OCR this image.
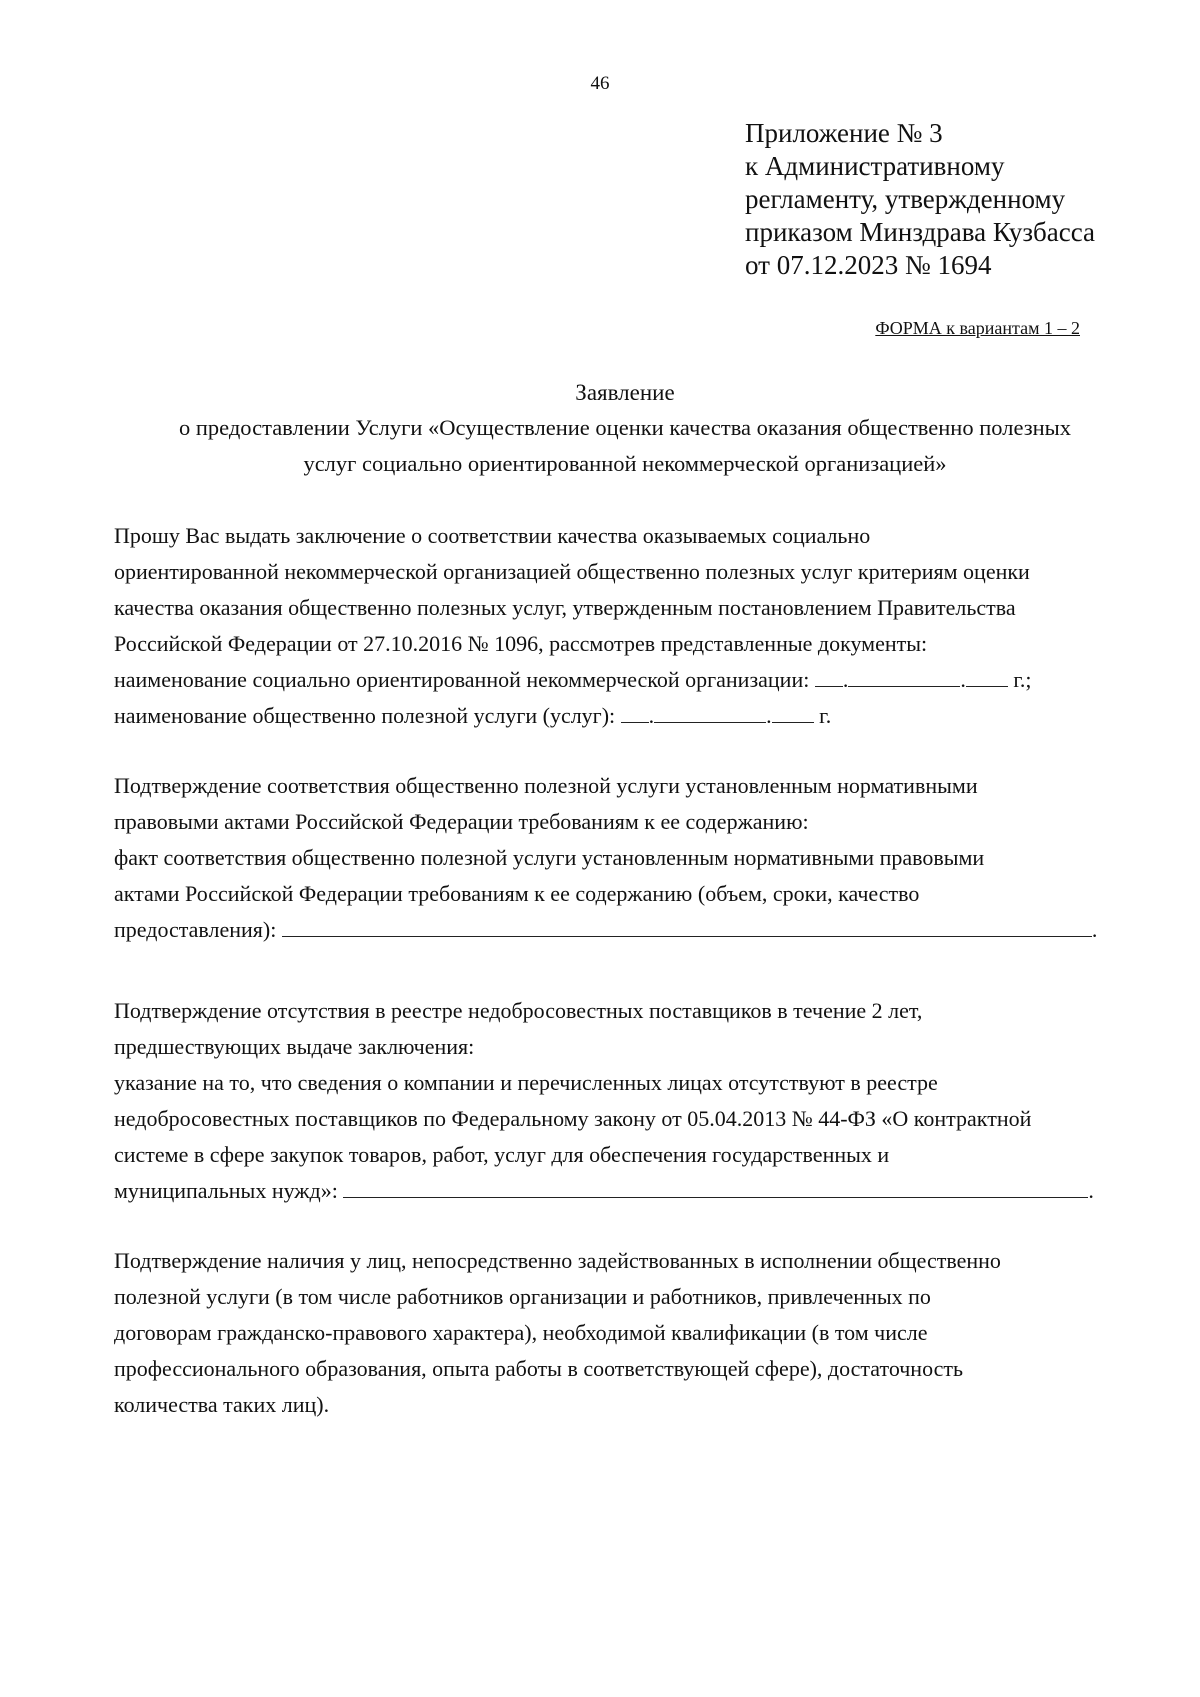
46
Приложение № 3
к Административному
регламенту, утвержденному
приказом Минздрава Кузбасса
от 07.12.2023 № 1694
ФОРМА к вариантам 1 – 2
Заявление
о предоставлении Услуги «Осуществление оценки качества оказания общественно полезных
услуг социально ориентированной некоммерческой организацией»

Прошу Вас выдать заключение о соответствии качества оказываемых социально

ориентированной некоммерческой организацией общественно полезных услуг критериям оценки

качества оказания общественно полезных услуг, утвержденным постановлением Правительства

Российской Федерации от 27.10.2016 № 1096, рассмотрев представленные документы:

наименование социально ориентированной некоммерческой организации: .	. г.;

наименование общественно полезной услуги (услуг): .	. г.

Подтверждение соответствия общественно полезной услуги установленным нормативными

правовыми актами Российской Федерации требованиям к ее содержанию:

факт соответствия общественно полезной услуги установленным нормативными правовыми

актами Российской Федерации требованиям к ее содержанию (объем, сроки, качество

предоставления):	.

Подтверждение отсутствия в реестре недобросовестных поставщиков в течение 2 лет,

предшествующих выдаче заключения:

указание на то, что сведения о компании и перечисленных лицах отсутствуют в реестре

недобросовестных поставщиков по Федеральному закону от 05.04.2013 № 44-ФЗ «О контрактной

системе в сфере закупок товаров, работ, услуг для обеспечения государственных и

муниципальных нужд»:	.

Подтверждение наличия у лиц, непосредственно задействованных в исполнении общественно

полезной услуги (в том числе работников организации и работников, привлеченных по

договорам гражданско-правового характера), необходимой квалификации (в том числе

профессионального образования, опыта работы в соответствующей сфере), достаточность

количества таких лиц).
